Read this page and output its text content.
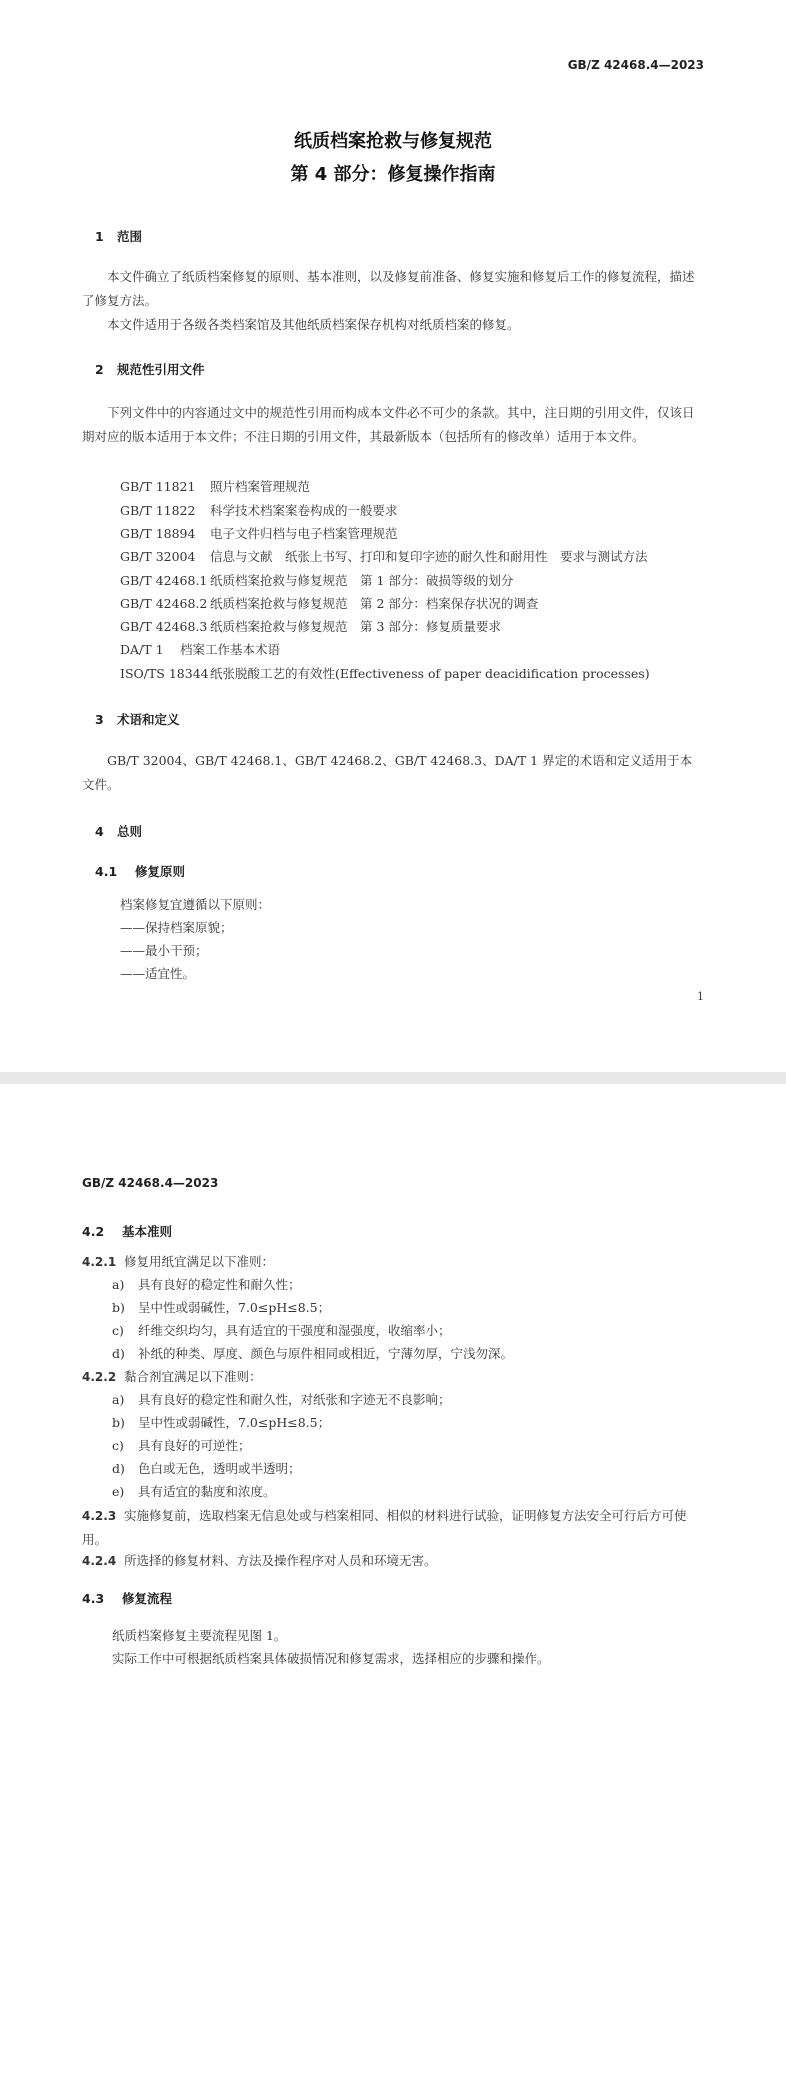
GB/Z 42468.4—2023
纸质档案抢救与修复规范
第 4 部分：修复操作指南
1 范围
本文件确立了纸质档案修复的原则、基本准则，以及修复前准备、修复实施和修复后工作的修复流程，描述了修复方法。
本文件适用于各级各类档案馆及其他纸质档案保存机构对纸质档案的修复。
2 规范性引用文件
下列文件中的内容通过文中的规范性引用而构成本文件必不可少的条款。其中，注日期的引用文件，仅该日期对应的版本适用于本文件；不注日期的引用文件，其最新版本（包括所有的修改单）适用于本文件。
GB/T 11821 照片档案管理规范
GB/T 11822 科学技术档案案卷构成的一般要求
GB/T 18894 电子文件归档与电子档案管理规范
GB/T 32004 信息与文献　纸张上书写、打印和复印字迹的耐久性和耐用性　要求与测试方法
GB/T 42468.1 纸质档案抢救与修复规范　第 1 部分：破损等级的划分
GB/T 42468.2 纸质档案抢救与修复规范　第 2 部分：档案保存状况的调查
GB/T 42468.3 纸质档案抢救与修复规范　第 3 部分：修复质量要求
DA/T 1 档案工作基本术语
ISO/TS 18344纸张脱酸工艺的有效性(Effectiveness of paper deacidification processes)
3 术语和定义
GB/T 32004、GB/T 42468.1、GB/T 42468.2、GB/T 42468.3、DA/T 1 界定的术语和定义适用于本文件。
4 总则
4.1 修复原则
档案修复宜遵循以下原则：
——保持档案原貌；
——最小干预；
——适宜性。
1
GB/Z 42468.4—2023
4.2 基本准则
4.2.1 修复用纸宜满足以下准则：
a) 具有良好的稳定性和耐久性；
b) 呈中性或弱碱性，7.0≤pH≤8.5；
c) 纤维交织均匀，具有适宜的干强度和湿强度，收缩率小；
d) 补纸的种类、厚度、颜色与原件相同或相近，宁薄勿厚，宁浅勿深。
4.2.2 黏合剂宜满足以下准则：
a) 具有良好的稳定性和耐久性，对纸张和字迹无不良影响；
b) 呈中性或弱碱性，7.0≤pH≤8.5；
c) 具有良好的可逆性；
d) 色白或无色，透明或半透明；
e) 具有适宜的黏度和浓度。
4.2.3 实施修复前，选取档案无信息处或与档案相同、相似的材料进行试验，证明修复方法安全可行后方可使用。
4.2.4 所选择的修复材料、方法及操作程序对人员和环境无害。
4.3 修复流程
纸质档案修复主要流程见图 1。
实际工作中可根据纸质档案具体破损情况和修复需求，选择相应的步骤和操作。
